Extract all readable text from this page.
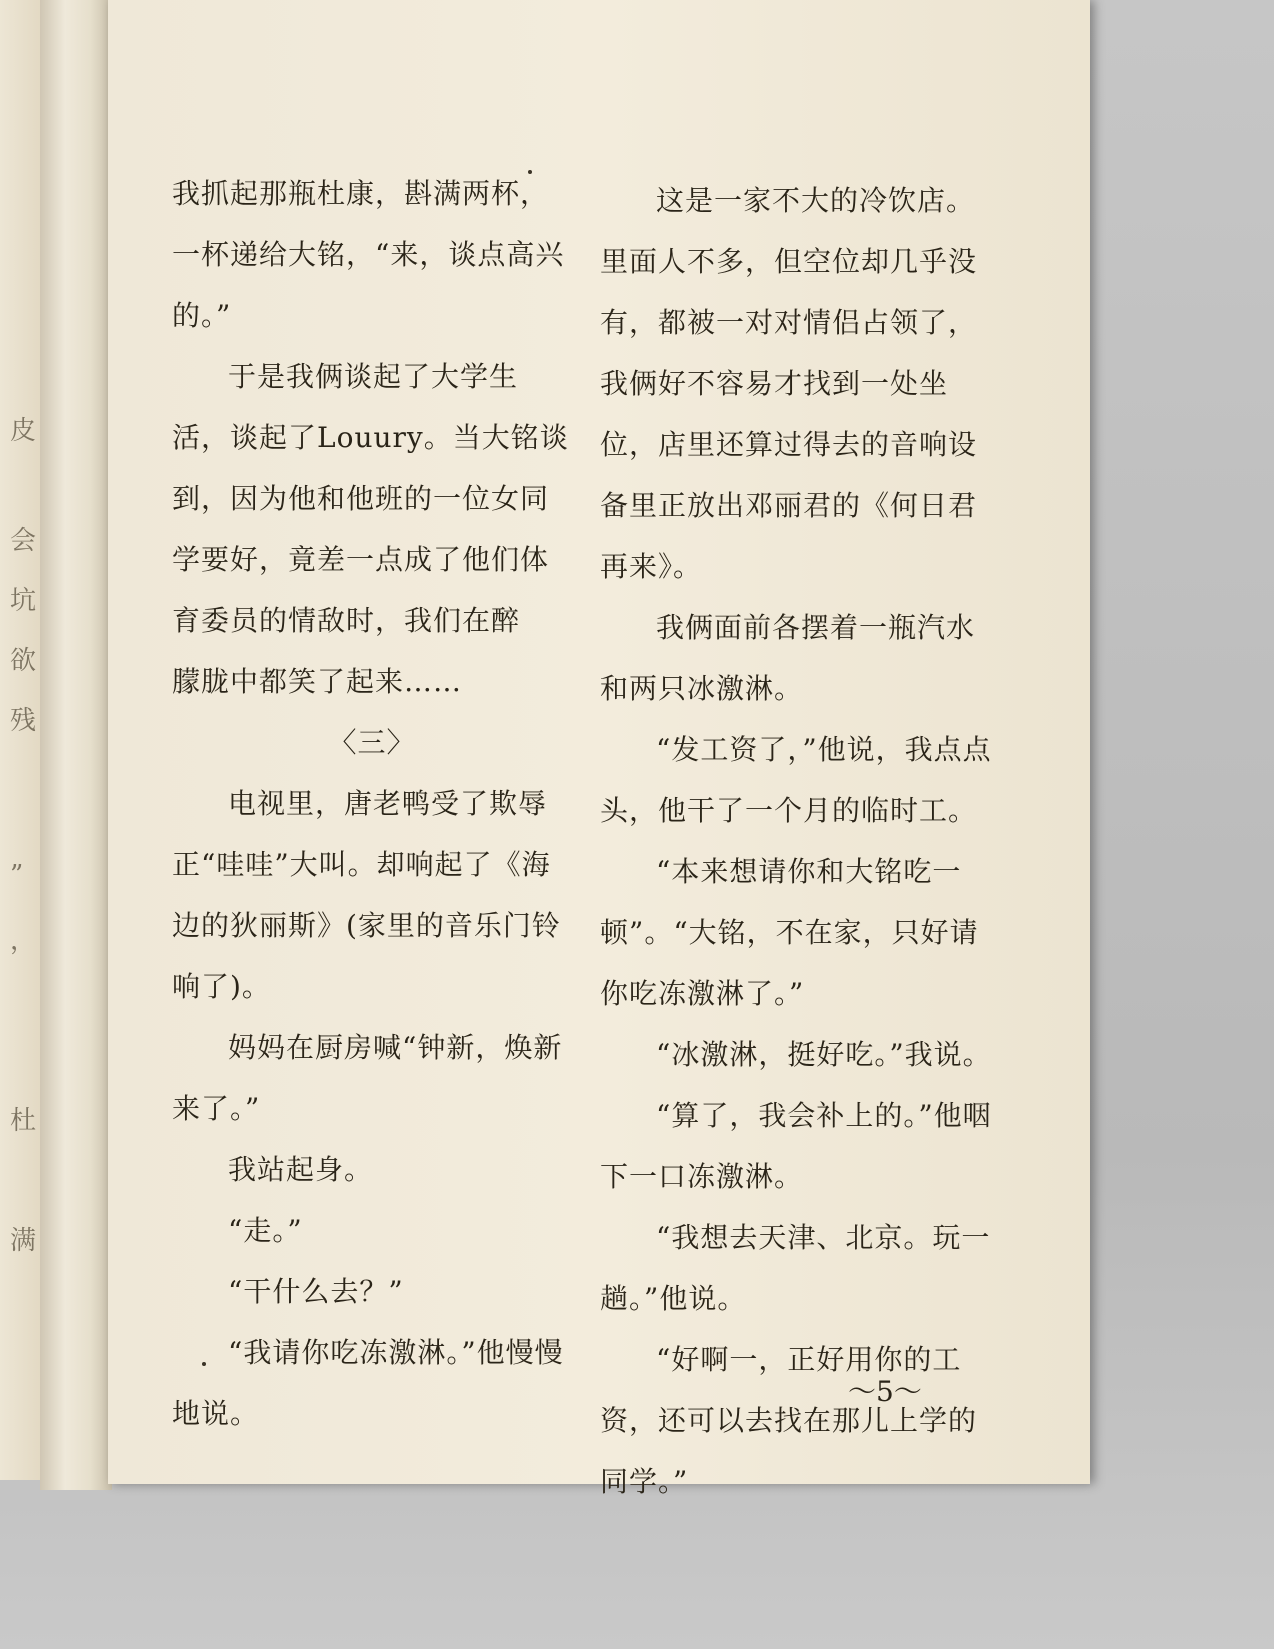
皮
会
坑
欲
残
”
，
杜
满

我抓起那瓶杜康，斟满两杯，一杯递给大铭，“来，谈点高兴的。”

于是我俩谈起了大学生活，谈起了Louury。当大铭谈到，因为他和他班的一位女同学要好，竟差一点成了他们体育委员的情敌时，我们在醉　朦胧中都笑了起来……

〈三〉

电视里，唐老鸭受了欺辱正“哇哇”大叫。却响起了《海边的狄丽斯》(家里的音乐门铃响了)。

妈妈在厨房喊“钟新，焕新来了。”

我站起身。

“走。”

“干什么去？”

“我请你吃冻激淋。”他慢慢地说。

这是一家不大的冷饮店。里面人不多，但空位却几乎没有，都被一对对情侣占领了，我俩好不容易才找到一处坐位，店里还算过得去的音响设备里正放出邓丽君的《何日君再来》。

我俩面前各摆着一瓶汽水和两只冰激淋。

“发工资了，”他说，我点点头，他干了一个月的临时工。

“本来想请你和大铭吃一顿”。“大铭，不在家，只好请你吃冻激淋了。”

“冰激淋，挺好吃。”我说。

“算了，我会补上的。”他咽下一口冻激淋。

“我想去天津、北京。玩一趟。”他说。

“好啊一，正好用你的工资，还可以去找在那儿上学的同学。”

～5～
